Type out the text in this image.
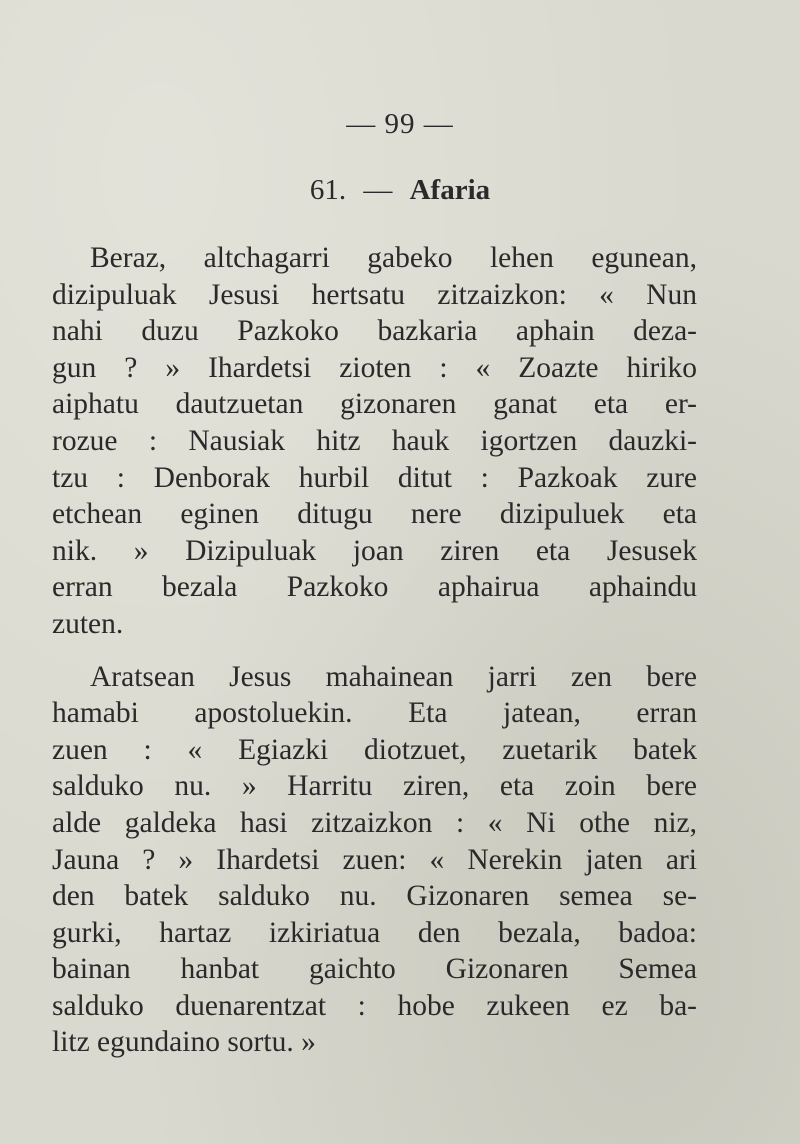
— 99 —
61. — Afaria

Beraz, altchagarri gabeko lehen egunean,
dizipuluak Jesusi hertsatu zitzaizkon: « Nun
nahi duzu Pazkoko bazkaria aphain deza-
gun ? » Ihardetsi zioten : « Zoazte hiriko
aiphatu dautzuetan gizonaren ganat eta er-
rozue : Nausiak hitz hauk igortzen dauzki-
tzu : Denborak hurbil ditut : Pazkoak zure
etchean eginen ditugu nere dizipuluek eta
nik. » Dizipuluak joan ziren eta Jesusek
erran bezala Pazkoko aphairua aphaindu
zuten.

Aratsean Jesus mahainean jarri zen bere
hamabi apostoluekin. Eta jatean, erran
zuen : « Egiazki diotzuet, zuetarik batek
salduko nu. » Harritu ziren, eta zoin bere
alde galdeka hasi zitzaizkon : « Ni othe niz,
Jauna ? » Ihardetsi zuen: « Nerekin jaten ari
den batek salduko nu. Gizonaren semea se-
gurki, hartaz izkiriatua den bezala, badoa:
bainan hanbat gaichto Gizonaren Semea
salduko duenarentzat : hobe zukeen ez ba-
litz egundaino sortu. »
